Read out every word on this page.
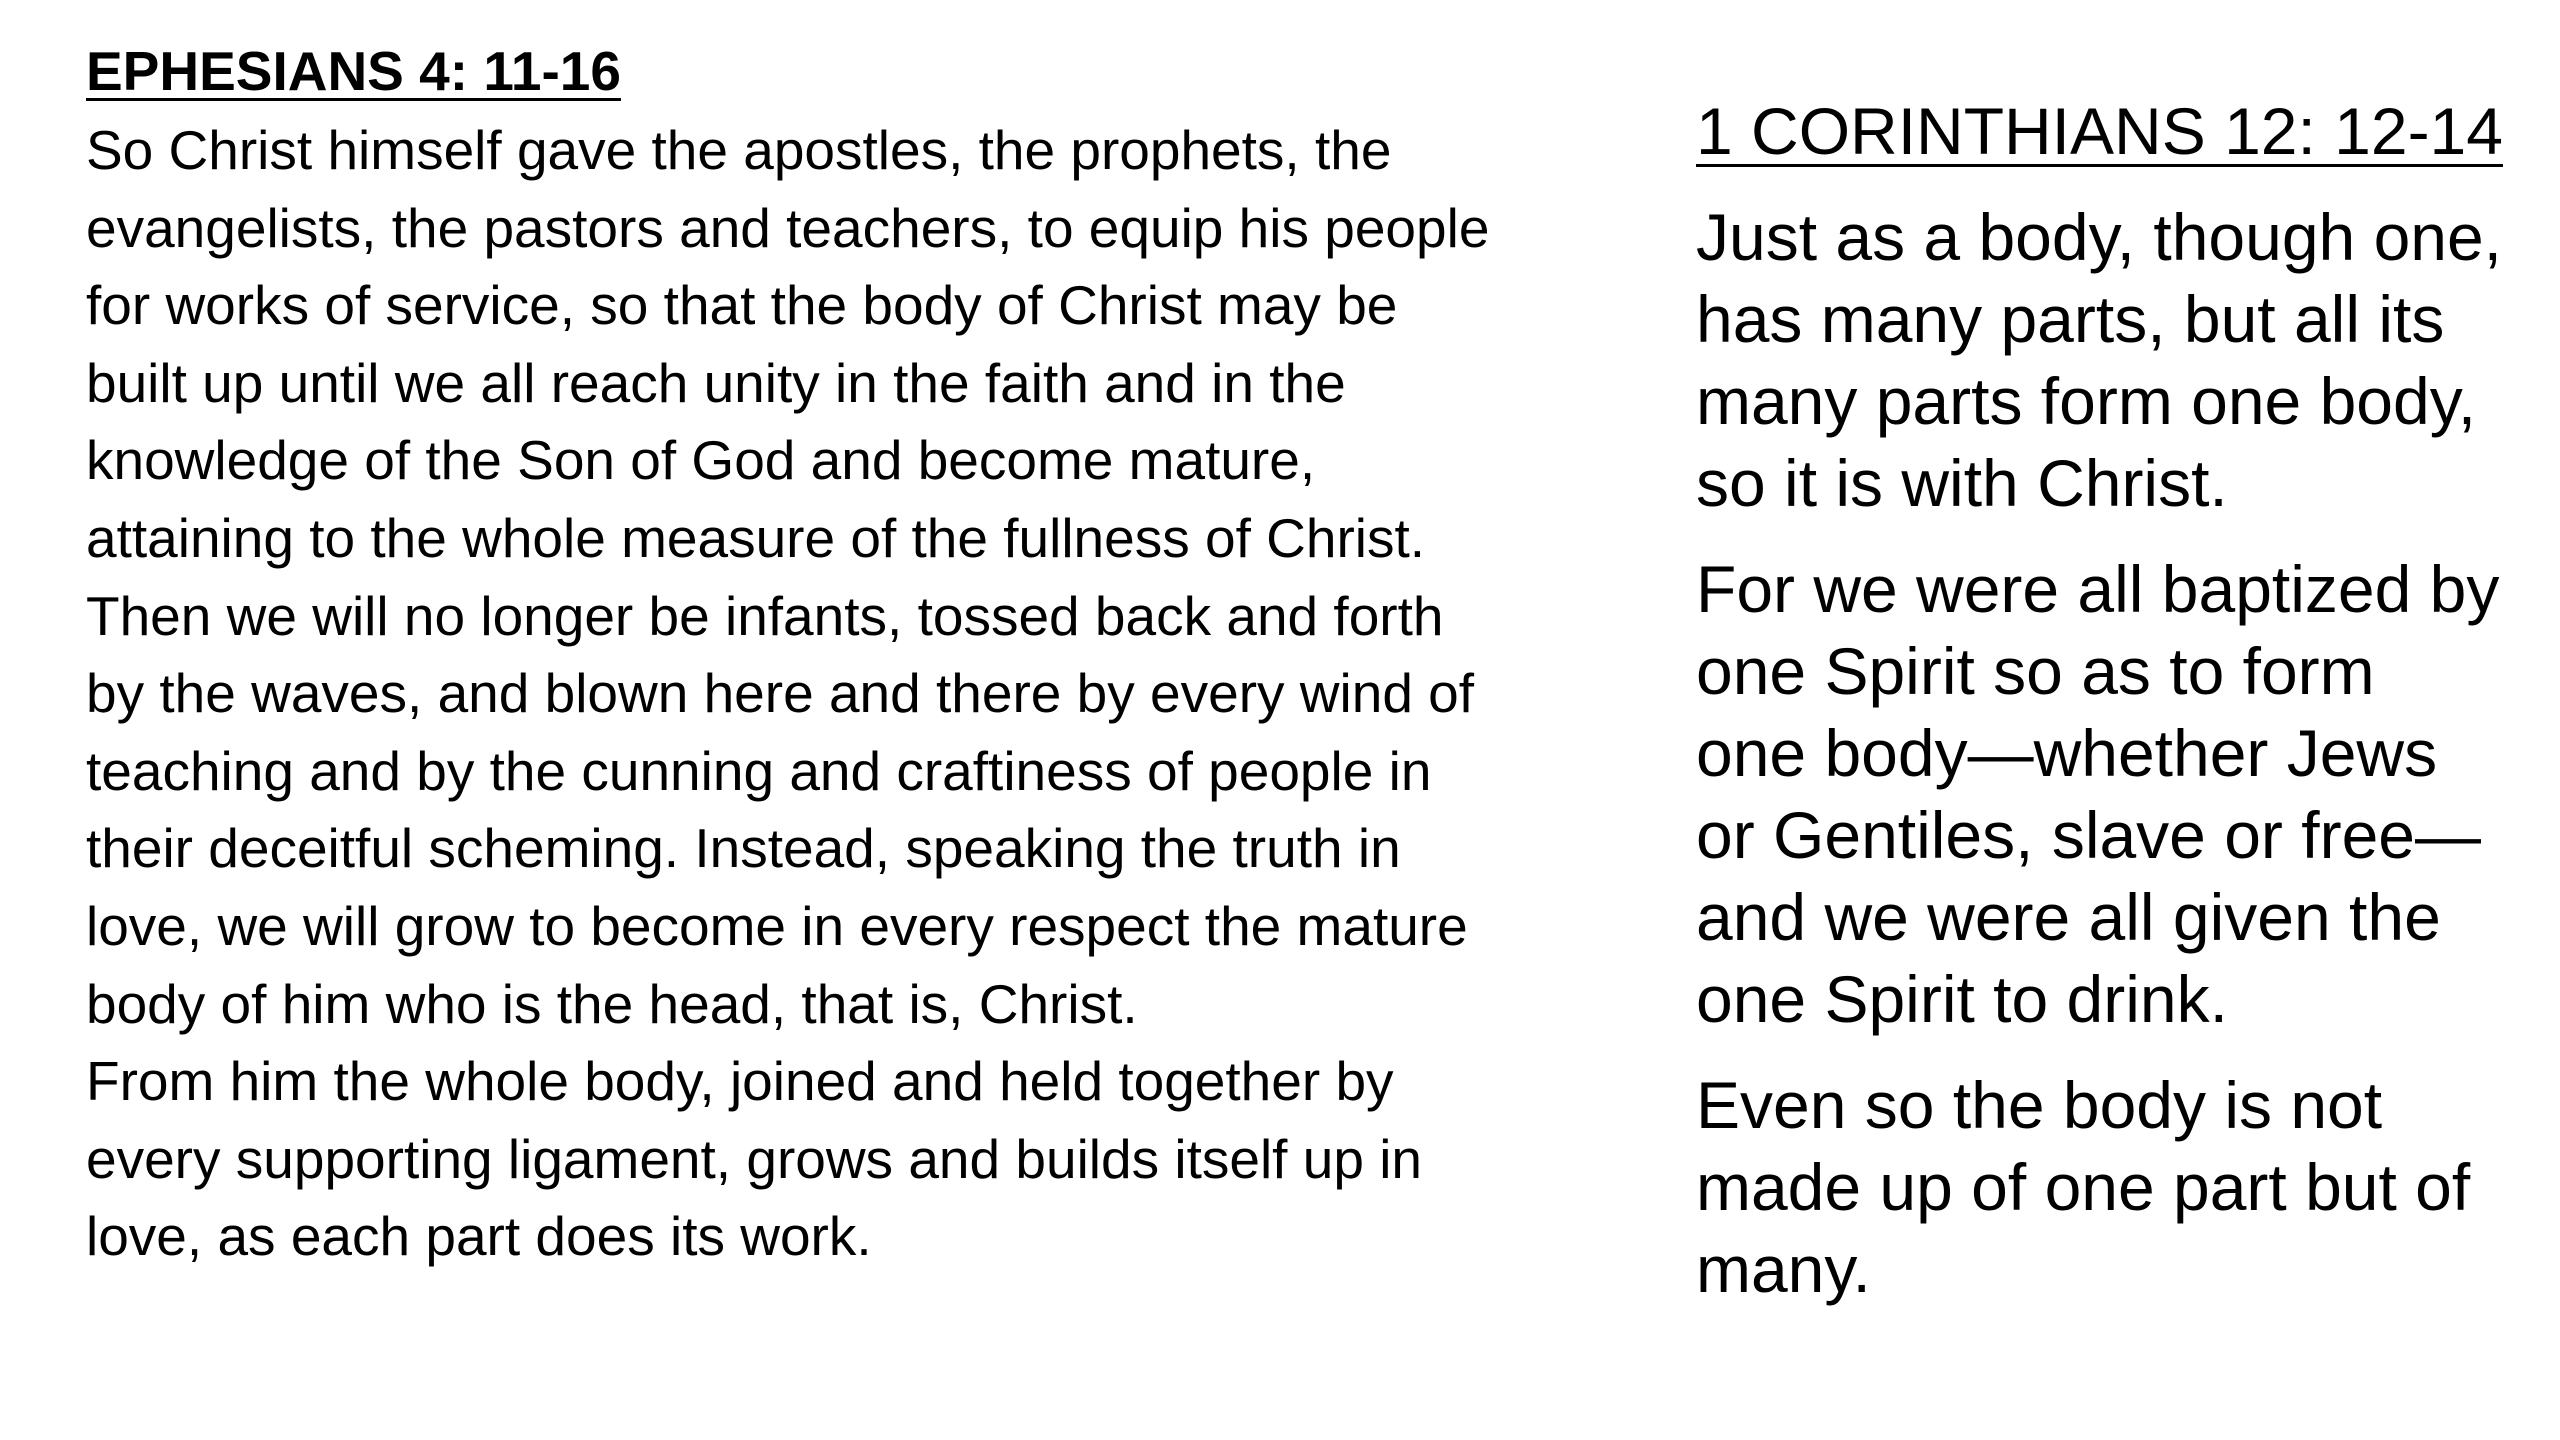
EPHESIANS 4: 11-16
So Christ himself gave the apostles, the prophets, the
evangelists, the pastors and teachers, to equip his people
for works of service, so that the body of Christ may be
built up until we all reach unity in the faith and in the
knowledge of the Son of God and become mature,
attaining to the whole measure of the fullness of Christ.
Then we will no longer be infants, tossed back and forth
by the waves, and blown here and there by every wind of
teaching and by the cunning and craftiness of people in
their deceitful scheming. Instead, speaking the truth in
love, we will grow to become in every respect the mature
body of him who is the head, that is, Christ.
From him the whole body, joined and held together by
every supporting ligament, grows and builds itself up in
love, as each part does its work.
1 CORINTHIANS 12: 12-14
Just as a body, though one,
has many parts, but all its
many parts form one body,
so it is with Christ.
For we were all baptized by
one Spirit so as to form
one body—whether Jews
or Gentiles, slave or free—
and we were all given the
one Spirit to drink.
Even so the body is not
made up of one part but of
many.
